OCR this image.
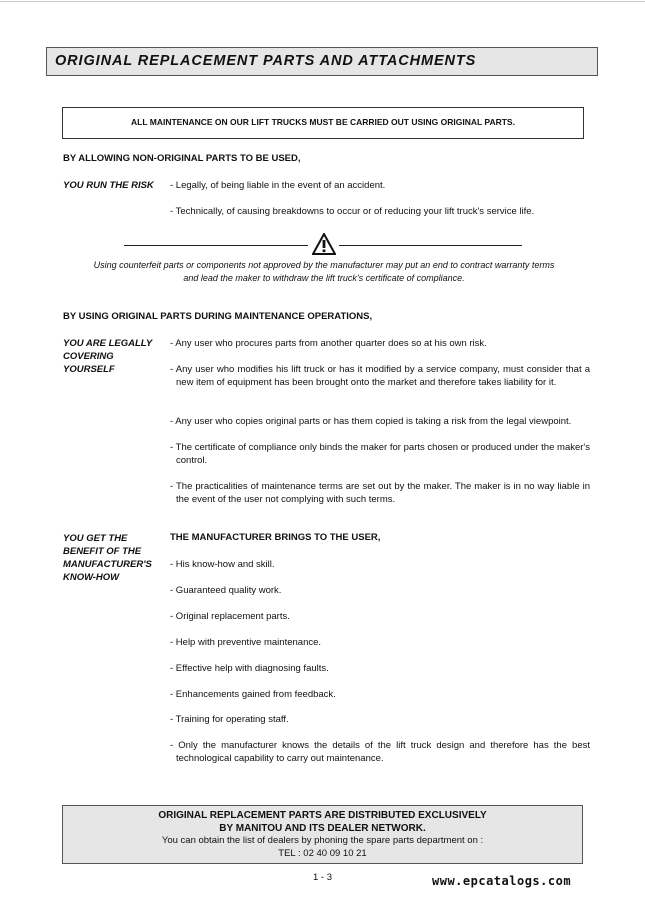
ORIGINAL REPLACEMENT PARTS AND ATTACHMENTS
ALL MAINTENANCE ON OUR LIFT TRUCKS MUST BE CARRIED OUT USING ORIGINAL PARTS.
BY ALLOWING NON-ORIGINAL PARTS TO BE USED,
YOU RUN THE RISK - Legally, of being liable in the event of an accident.
- Technically, of causing breakdowns to occur or of reducing your lift truck's service life.
Using counterfeit parts or components not approved by the manufacturer may put an end to contract warranty terms
and lead the maker to withdraw the lift truck's certificate of compliance.
BY USING ORIGINAL PARTS DURING MAINTENANCE OPERATIONS,
YOU ARE LEGALLY
COVERING
YOURSELF
- Any user who procures parts from another quarter does so at his own risk.
- Any user who modifies his lift truck or has it modified by a service company, must consider that a new item of equipment has been brought onto the market and therefore takes liability for it.
- Any user who copies original parts or has them copied is taking a risk from the legal viewpoint.
- The certificate of compliance only binds the maker for parts chosen or produced under the maker's control.
- The practicalities of maintenance terms are set out by the maker. The maker is in no way liable in the event of the user not complying with such terms.
YOU GET THE
BENEFIT OF THE
MANUFACTURER'S
KNOW-HOW
THE MANUFACTURER BRINGS TO THE USER,
- His know-how and skill.
- Guaranteed quality work.
- Original replacement parts.
- Help with preventive maintenance.
- Effective help with diagnosing faults.
- Enhancements gained from feedback.
- Training for operating staff.
- Only the manufacturer knows the details of the lift truck design and therefore has the best technological capability to carry out maintenance.
ORIGINAL REPLACEMENT PARTS ARE DISTRIBUTED EXCLUSIVELY
BY MANITOU AND ITS DEALER NETWORK.
You can obtain the list of dealers by phoning the spare parts department on :
TEL : 02 40 09 10 21
1 - 3	www.epcatalogs.com
